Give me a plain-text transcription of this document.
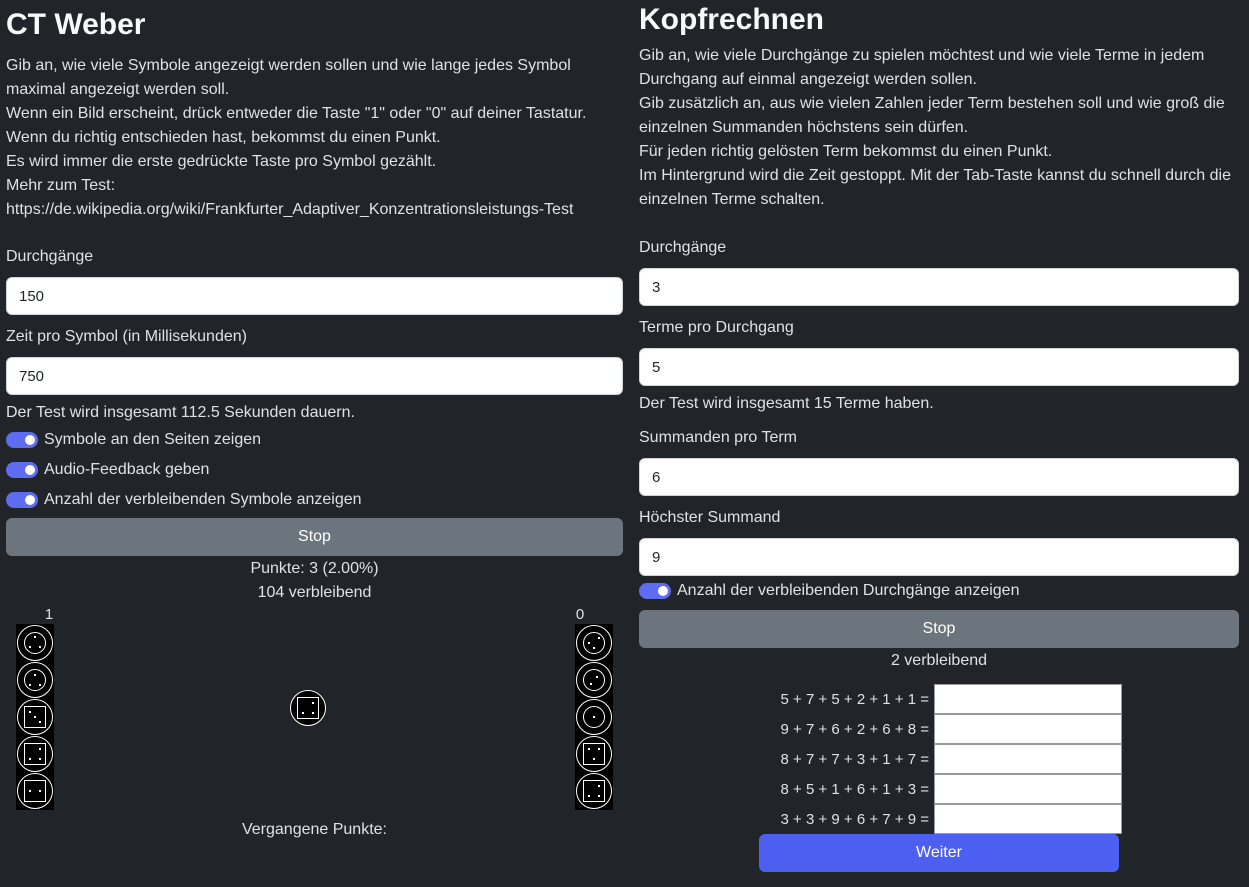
CT Weber

Gib an, wie viele Symbole angezeigt werden sollen und wie lange jedes Symbol maximal angezeigt werden soll.
Wenn ein Bild erscheint, drück entweder die Taste "1" oder "0" auf deiner Tastatur.
Wenn du richtig entschieden hast, bekommst du einen Punkt.
Es wird immer die erste gedrückte Taste pro Symbol gezählt.
Mehr zum Test:
https://de.wikipedia.org/wiki/Frankfurter_Adaptiver_Konzentrationsleistungs-Test

Durchgänge
150
Zeit pro Symbol (in Millisekunden)
750
Der Test wird insgesamt 112.5 Sekunden dauern.
Symbole an den Seiten zeigen
Audio-Feedback geben
Anzahl der verbleibenden Symbole anzeigen
Stop
Punkte: 3 (2.00%)
104 verbleibend
1	0
Vergangene Punkte:
Kopfrechnen

Gib an, wie viele Durchgänge zu spielen möchtest und wie viele Terme in jedem Durchgang auf einmal angezeigt werden sollen.
Gib zusätzlich an, aus wie vielen Zahlen jeder Term bestehen soll und wie groß die einzelnen Summanden höchstens sein dürfen.
Für jeden richtig gelösten Term bekommst du einen Punkt.
Im Hintergrund wird die Zeit gestoppt. Mit der Tab-Taste kannst du schnell durch die einzelnen Terme schalten.

Durchgänge
3
Terme pro Durchgang
5
Der Test wird insgesamt 15 Terme haben.
Summanden pro Term
6
Höchster Summand
9
Anzahl der verbleibenden Durchgänge anzeigen
Stop
2 verbleibend
5 + 7 + 5 + 2 + 1 + 1 =
9 + 7 + 6 + 2 + 6 + 8 =
8 + 7 + 7 + 3 + 1 + 7 =
8 + 5 + 1 + 6 + 1 + 3 =
3 + 3 + 9 + 6 + 7 + 9 =
Weiter
